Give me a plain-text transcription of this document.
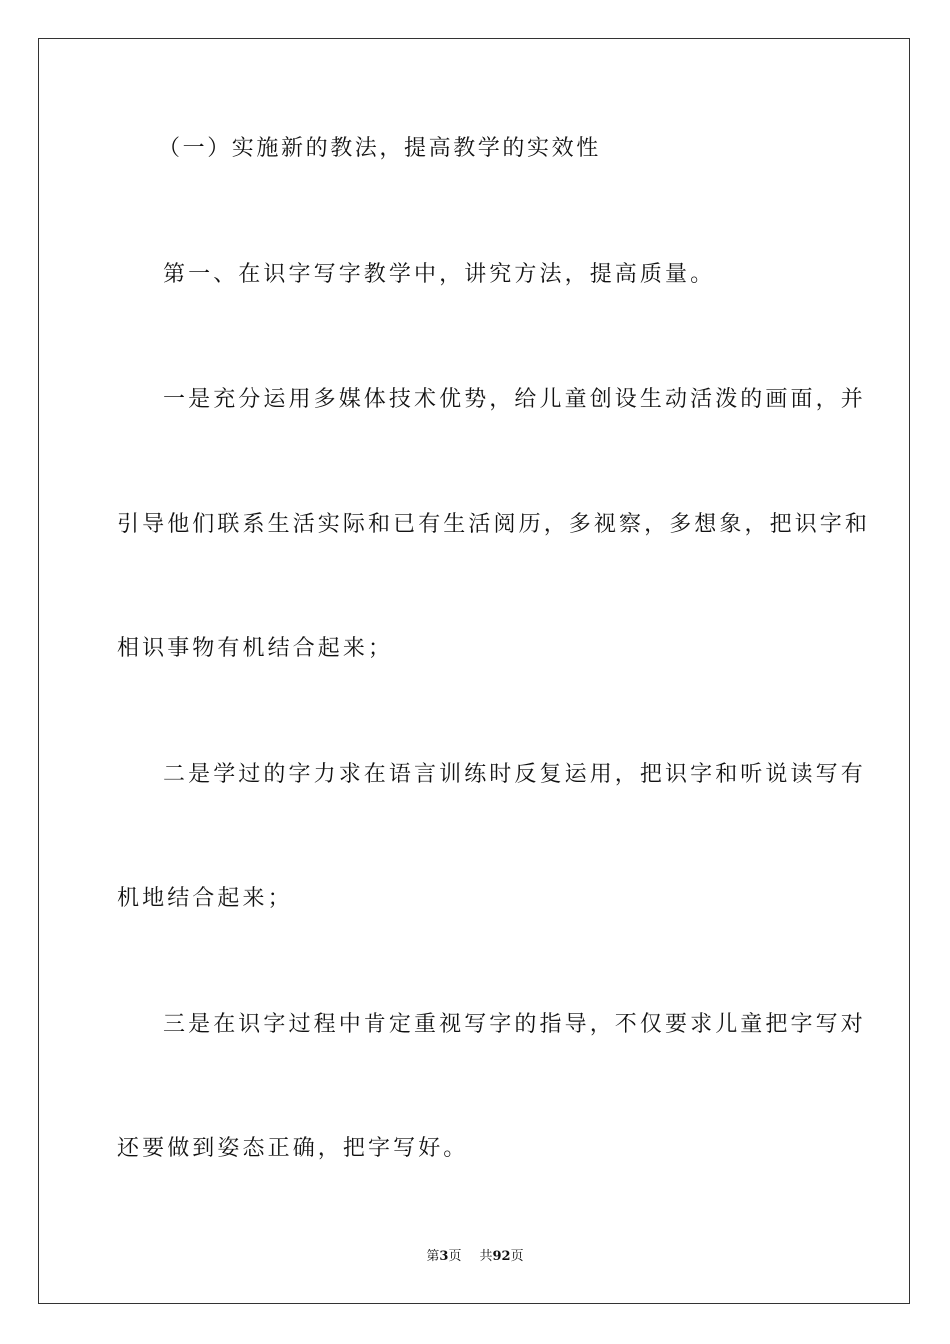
（一）实施新的教法，提高教学的实效性
第一、在识字写字教学中，讲究方法，提高质量。
一是充分运用多媒体技术优势，给儿童创设生动活泼的画面，并
引导他们联系生活实际和已有生活阅历，多视察，多想象，把识字和
相识事物有机结合起来；
二是学过的字力求在语言训练时反复运用，把识字和听说读写有
机地结合起来；
三是在识字过程中肯定重视写字的指导，不仅要求儿童把字写对
还要做到姿态正确，把字写好。
第3页 共92页
